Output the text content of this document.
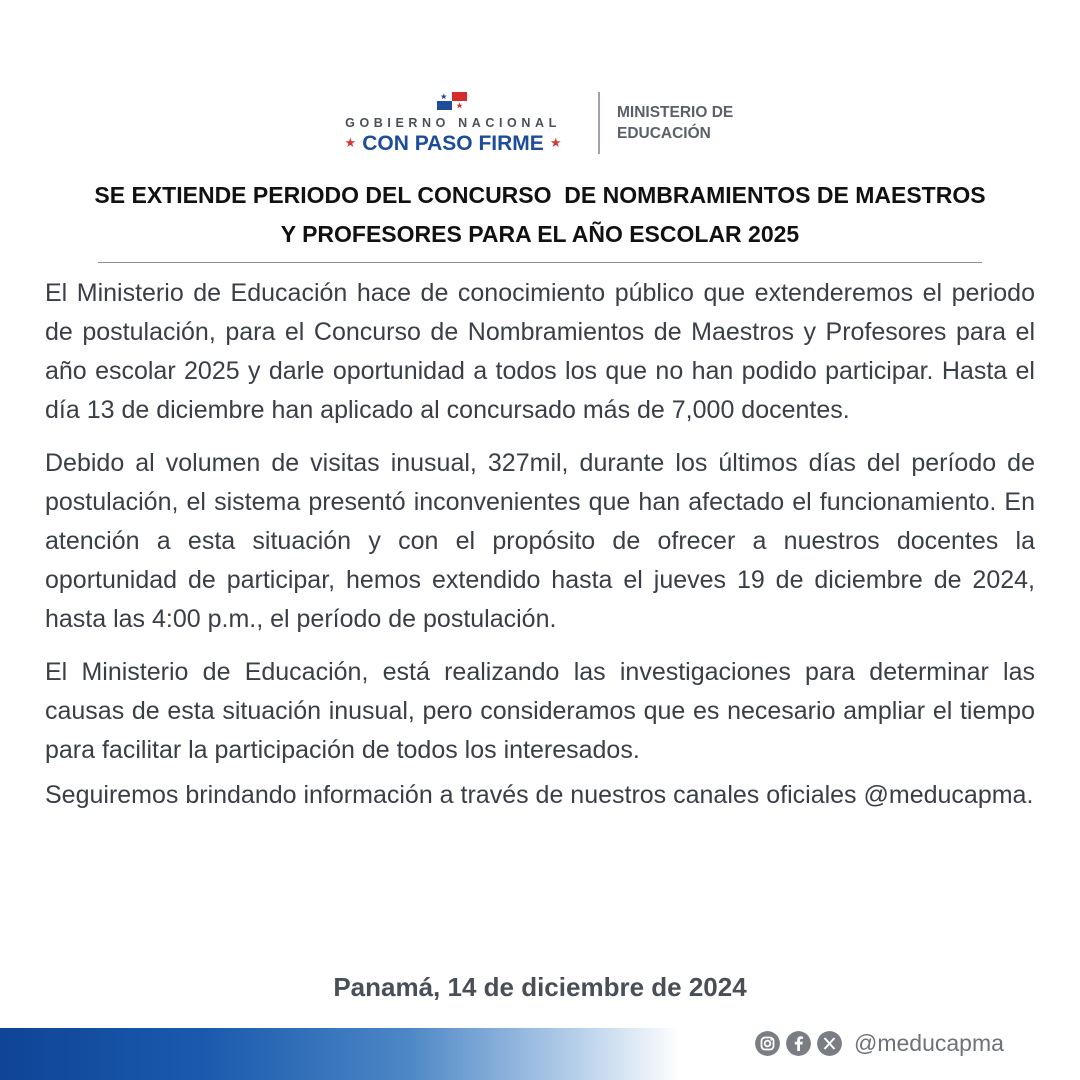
GOBIERNO NACIONAL
★ CON PASO FIRME ★
MINISTERIO DE
EDUCACIÓN
SE EXTIENDE PERIODO DEL CONCURSO  DE NOMBRAMIENTOS DE MAESTROS
Y PROFESORES PARA EL AÑO ESCOLAR 2025

El Ministerio de Educación hace de conocimiento público que extenderemos el periodo de postulación, para el Concurso de Nombramientos de Maestros y Profesores para el año escolar 2025 y darle oportunidad a todos los que no han podido participar. Hasta el día 13 de diciembre han aplicado al concursado más de 7,000 docentes.

Debido al volumen de visitas inusual, 327mil, durante los últimos días del período de postulación, el sistema presentó inconvenientes que han afectado el funcionamiento. En atención a esta situación y con el propósito de ofrecer a nuestros docentes la oportunidad de participar, hemos extendido hasta el jueves 19 de diciembre de 2024, hasta las 4:00 p.m., el período de postulación.

El Ministerio de Educación, está realizando las investigaciones para determinar las causas de esta situación inusual, pero consideramos que es necesario ampliar el tiempo para facilitar la participación de todos los interesados.

Seguiremos brindando información a través de nuestros canales oficiales @meducapma.

Panamá, 14 de diciembre de 2024
@meducapma
